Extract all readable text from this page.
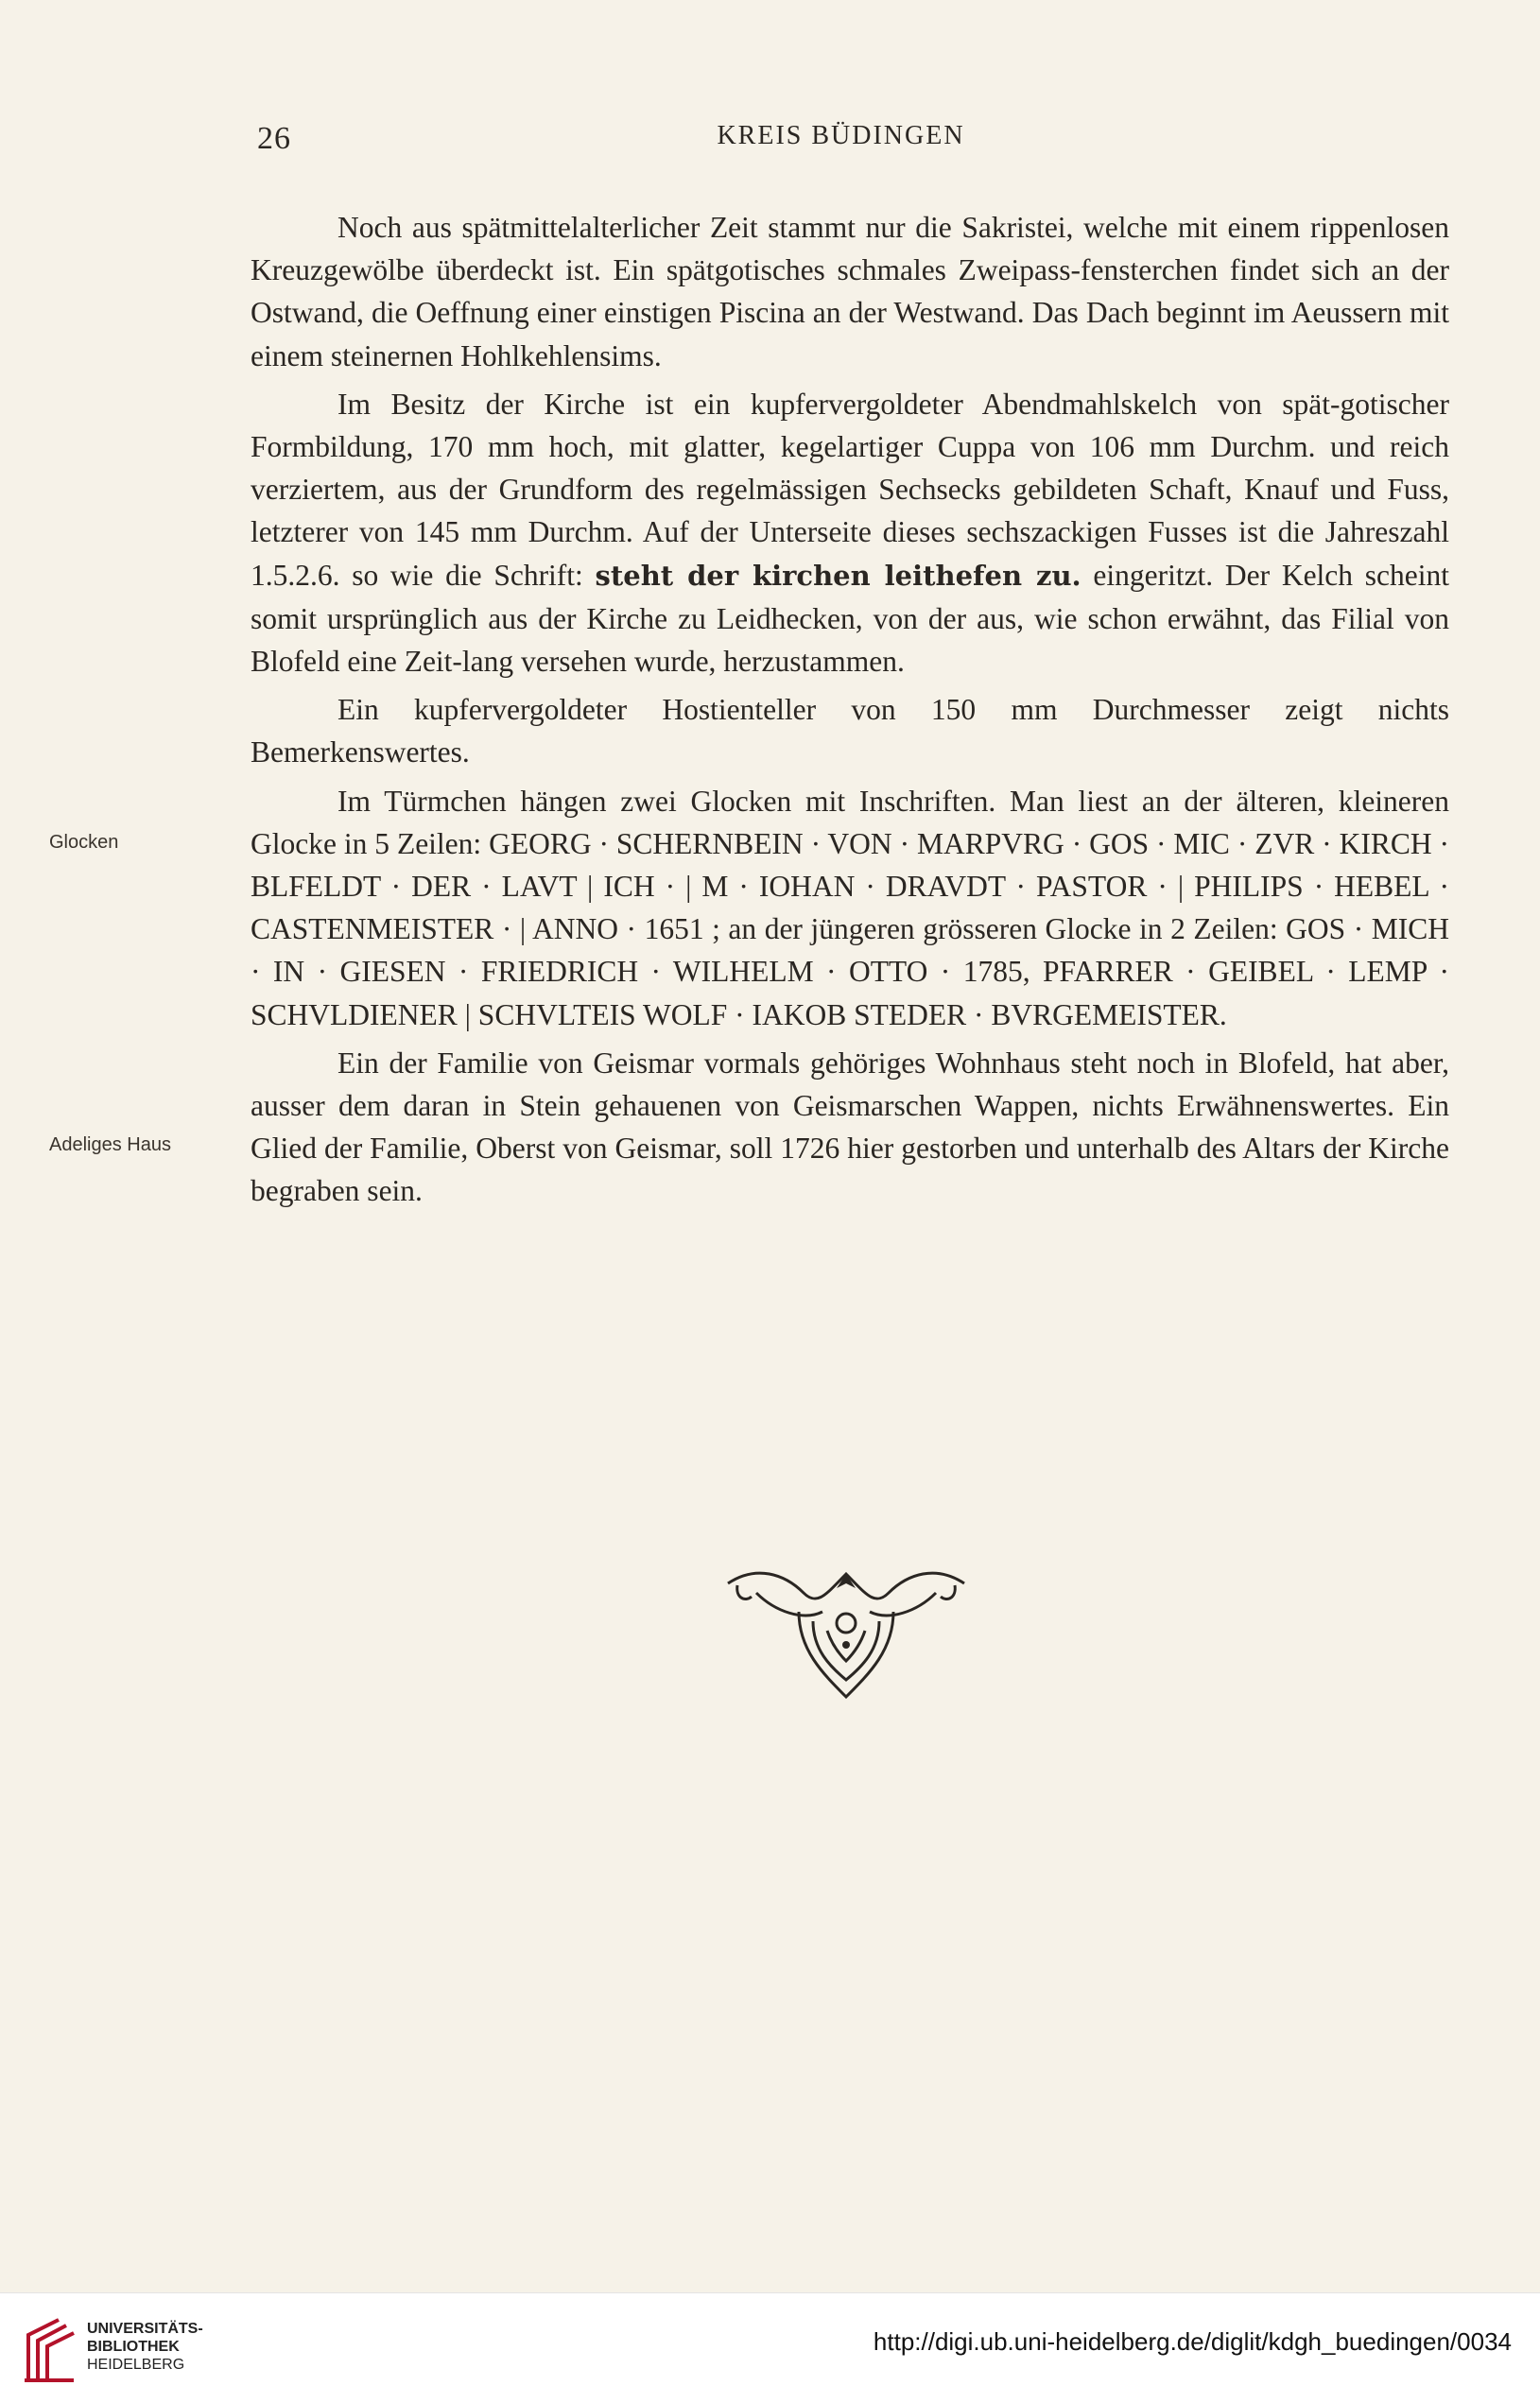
26	KREIS BÜDINGEN
Glocken
Adeliges Haus

Noch aus spätmittelalterlicher Zeit stammt nur die Sakristei, welche mit einem rippenlosen Kreuzgewölbe überdeckt ist. Ein spätgotisches schmales Zweipass-fensterchen findet sich an der Ostwand, die Oeffnung einer einstigen Piscina an der Westwand. Das Dach beginnt im Aeussern mit einem steinernen Hohlkehlensims.

Im Besitz der Kirche ist ein kupfervergoldeter Abendmahlskelch von spät-gotischer Formbildung, 170 mm hoch, mit glatter, kegelartiger Cuppa von 106 mm Durchm. und reich verziertem, aus der Grundform des regelmässigen Sechsecks gebildeten Schaft, Knauf und Fuss, letzterer von 145 mm Durchm. Auf der Unterseite dieses sechszackigen Fusses ist die Jahreszahl 1.5.2.6. so wie die Schrift: steht der kirchen leithefen zu. eingeritzt. Der Kelch scheint somit ursprünglich aus der Kirche zu Leidhecken, von der aus, wie schon erwähnt, das Filial von Blofeld eine Zeit-lang versehen wurde, herzustammen.

Ein kupfervergoldeter Hostienteller von 150 mm Durchmesser zeigt nichts Bemerkenswertes.

Im Türmchen hängen zwei Glocken mit Inschriften. Man liest an der älteren, kleineren Glocke in 5 Zeilen: GEORG · SCHERNBEIN · VON · MARPVRG · GOS · MIC · ZVR · KIRCH · BLFELDT · DER · LAVT | ICH · | M · IOHAN · DRAVDT · PASTOR · | PHILIPS · HEBEL · CASTENMEISTER · | ANNO · 1651 ; an der jüngeren grösseren Glocke in 2 Zeilen: GOS · MICH · IN · GIESEN · FRIEDRICH · WILHELM · OTTO · 1785, PFARRER · GEIBEL · LEMP · SCHVLDIENER | SCHVLTEIS WOLF · IAKOB STEDER · BVRGEMEISTER.

Ein der Familie von Geismar vormals gehöriges Wohnhaus steht noch in Blofeld, hat aber, ausser dem daran in Stein gehauenen von Geismarschen Wappen, nichts Erwähnenswertes. Ein Glied der Familie, Oberst von Geismar, soll 1726 hier gestorben und unterhalb des Altars der Kirche begraben sein.

UNIVERSITÄTS-
BIBLIOTHEK
HEIDELBERG
http://digi.ub.uni-heidelberg.de/diglit/kdgh_buedingen/0034
